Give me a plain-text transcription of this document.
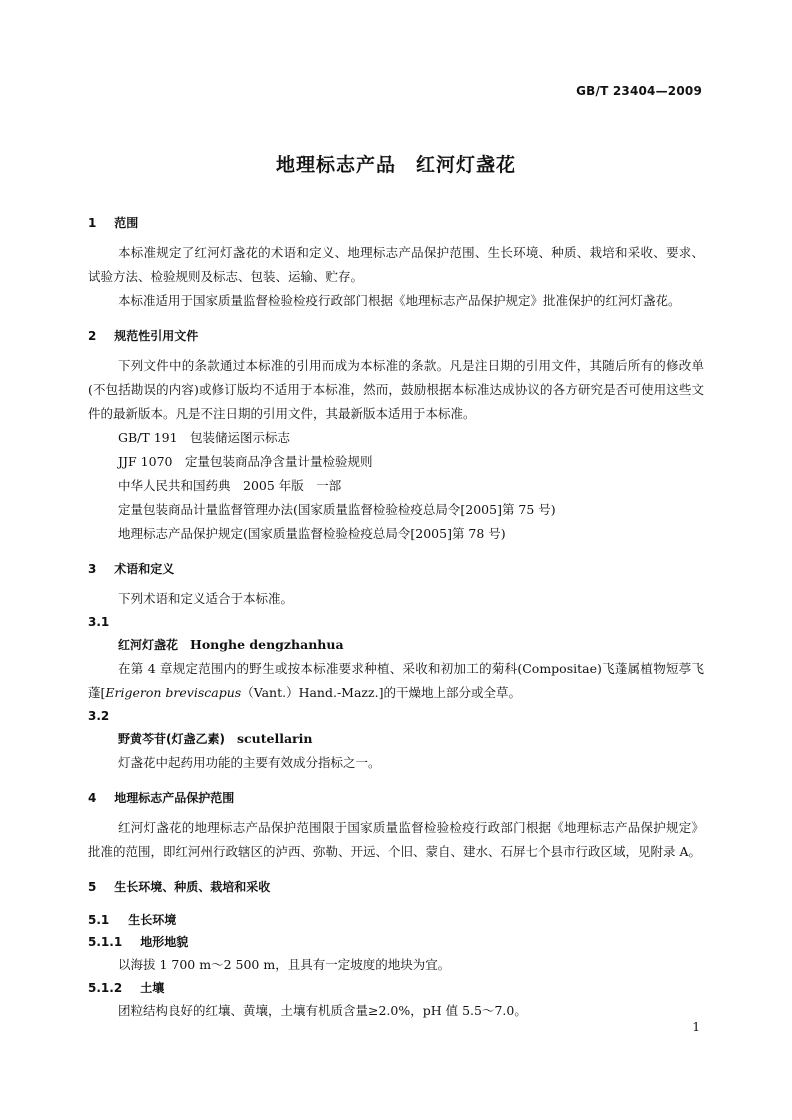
GB/T 23404—2009
地理标志产品　红河灯盏花
1 范围

本标准规定了红河灯盏花的术语和定义、地理标志产品保护范围、生长环境、种质、栽培和采收、要求、试验方法、检验规则及标志、包装、运输、贮存。

本标准适用于国家质量监督检验检疫行政部门根据《地理标志产品保护规定》批准保护的红河灯盏花。

2 规范性引用文件

下列文件中的条款通过本标准的引用而成为本标准的条款。凡是注日期的引用文件，其随后所有的修改单(不包括勘误的内容)或修订版均不适用于本标准，然而，鼓励根据本标准达成协议的各方研究是否可使用这些文件的最新版本。凡是不注日期的引用文件，其最新版本适用于本标准。

GB/T 191　包装储运图示标志

JJF 1070　定量包装商品净含量计量检验规则

中华人民共和国药典　2005 年版　一部

定量包装商品计量监督管理办法(国家质量监督检验检疫总局令[2005]第 75 号)

地理标志产品保护规定(国家质量监督检验检疫总局令[2005]第 78 号)

3 术语和定义

下列术语和定义适合于本标准。

3.1

红河灯盏花 Honghe dengzhanhua

在第 4 章规定范围内的野生或按本标准要求种植、采收和初加工的菊科(Compositae)飞蓬属植物短葶飞蓬[Erigeron breviscapus（Vant.）Hand.-Mazz.]的干燥地上部分或全草。

3.2

野黄芩苷(灯盏乙素) scutellarin

灯盏花中起药用功能的主要有效成分指标之一。

4 地理标志产品保护范围

红河灯盏花的地理标志产品保护范围限于国家质量监督检验检疫行政部门根据《地理标志产品保护规定》批准的范围，即红河州行政辖区的泸西、弥勒、开远、个旧、蒙自、建水、石屏七个县市行政区域，见附录 A。

5 生长环境、种质、栽培和采收
5.1 生长环境
5.1.1 地形地貌

以海拔 1 700 m～2 500 m，且具有一定坡度的地块为宜。

5.1.2 土壤

团粒结构良好的红壤、黄壤，土壤有机质含量≥2.0%，pH 值 5.5～7.0。

1
